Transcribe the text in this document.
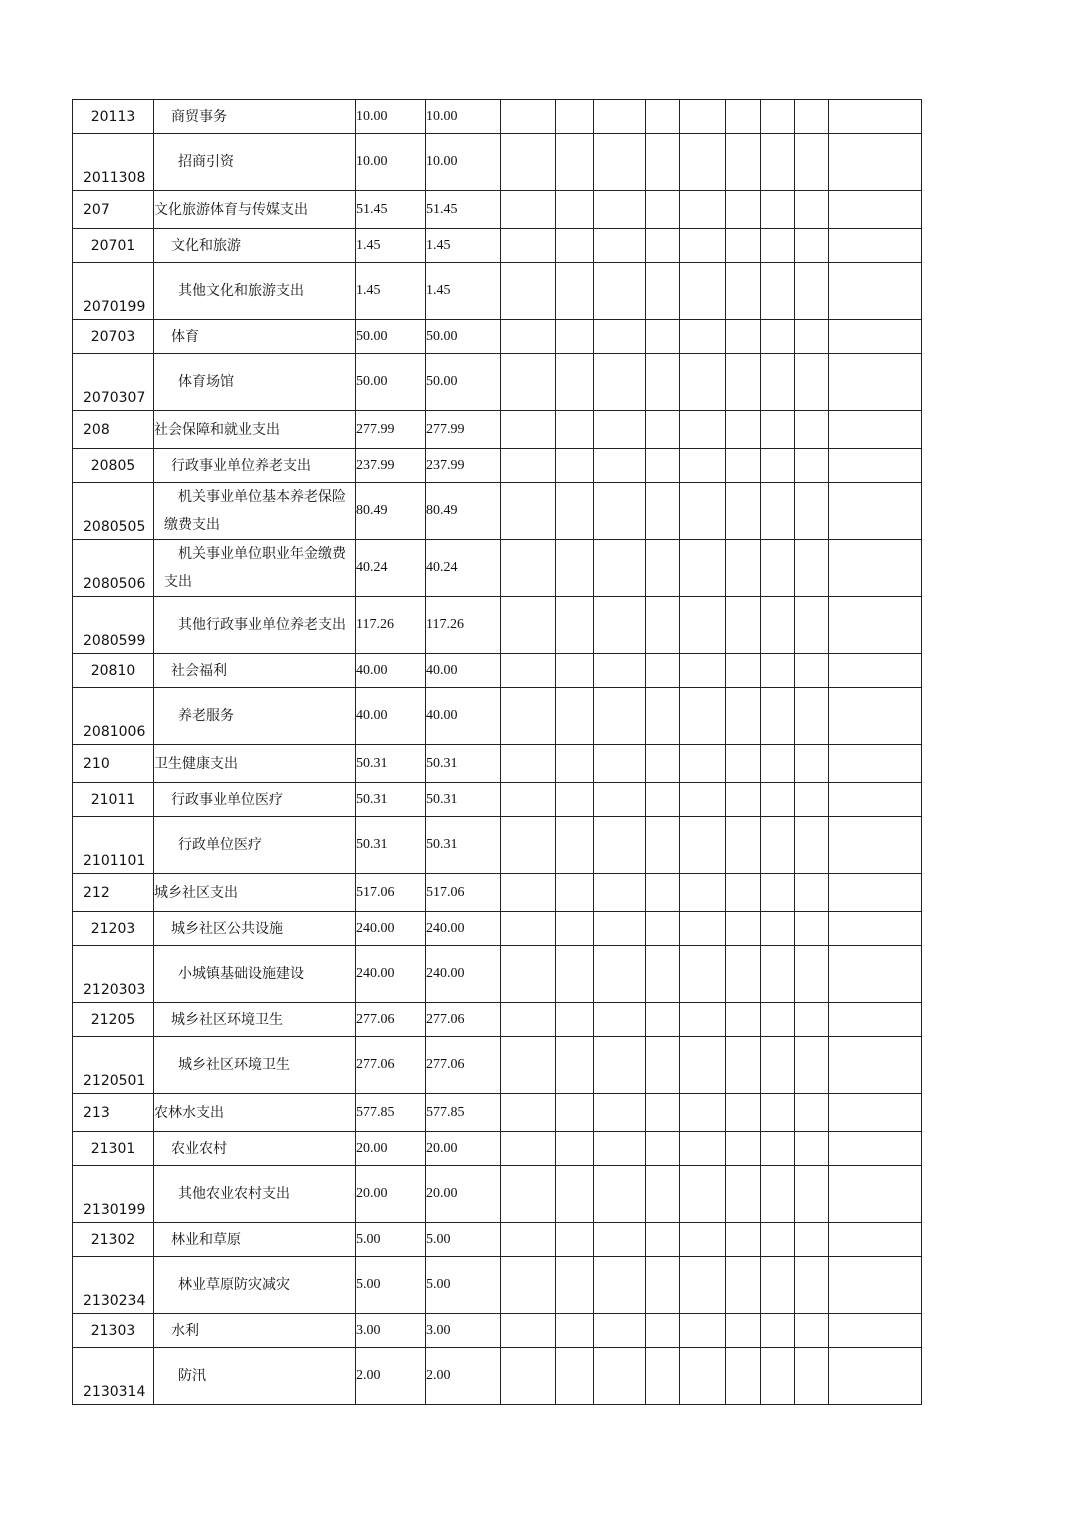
20113	商贸事务	10.00	10.00									

2011308	招商引资	10.00	10.00									

207	文化旅游体育与传媒支出	51.45	51.45									

20701	文化和旅游	1.45	1.45									

2070199	其他文化和旅游支出	1.45	1.45									

20703	体育	50.00	50.00									

2070307	体育场馆	50.00	50.00									

208	社会保障和就业支出	277.99	277.99									

20805	行政事业单位养老支出	237.99	237.99									

2080505	机关事业单位基本养老保险缴费支出	80.49	80.49									

2080506	机关事业单位职业年金缴费支出	40.24	40.24									

2080599	其他行政事业单位养老支出	117.26	117.26									

20810	社会福利	40.00	40.00									

2081006	养老服务	40.00	40.00									

210	卫生健康支出	50.31	50.31									

21011	行政事业单位医疗	50.31	50.31									

2101101	行政单位医疗	50.31	50.31									

212	城乡社区支出	517.06	517.06									

21203	城乡社区公共设施	240.00	240.00									

2120303	小城镇基础设施建设	240.00	240.00									

21205	城乡社区环境卫生	277.06	277.06									

2120501	城乡社区环境卫生	277.06	277.06									

213	农林水支出	577.85	577.85									

21301	农业农村	20.00	20.00									

2130199	其他农业农村支出	20.00	20.00									

21302	林业和草原	5.00	5.00									

2130234	林业草原防灾减灾	5.00	5.00									

21303	水利	3.00	3.00									

2130314	防汛	2.00	2.00									
